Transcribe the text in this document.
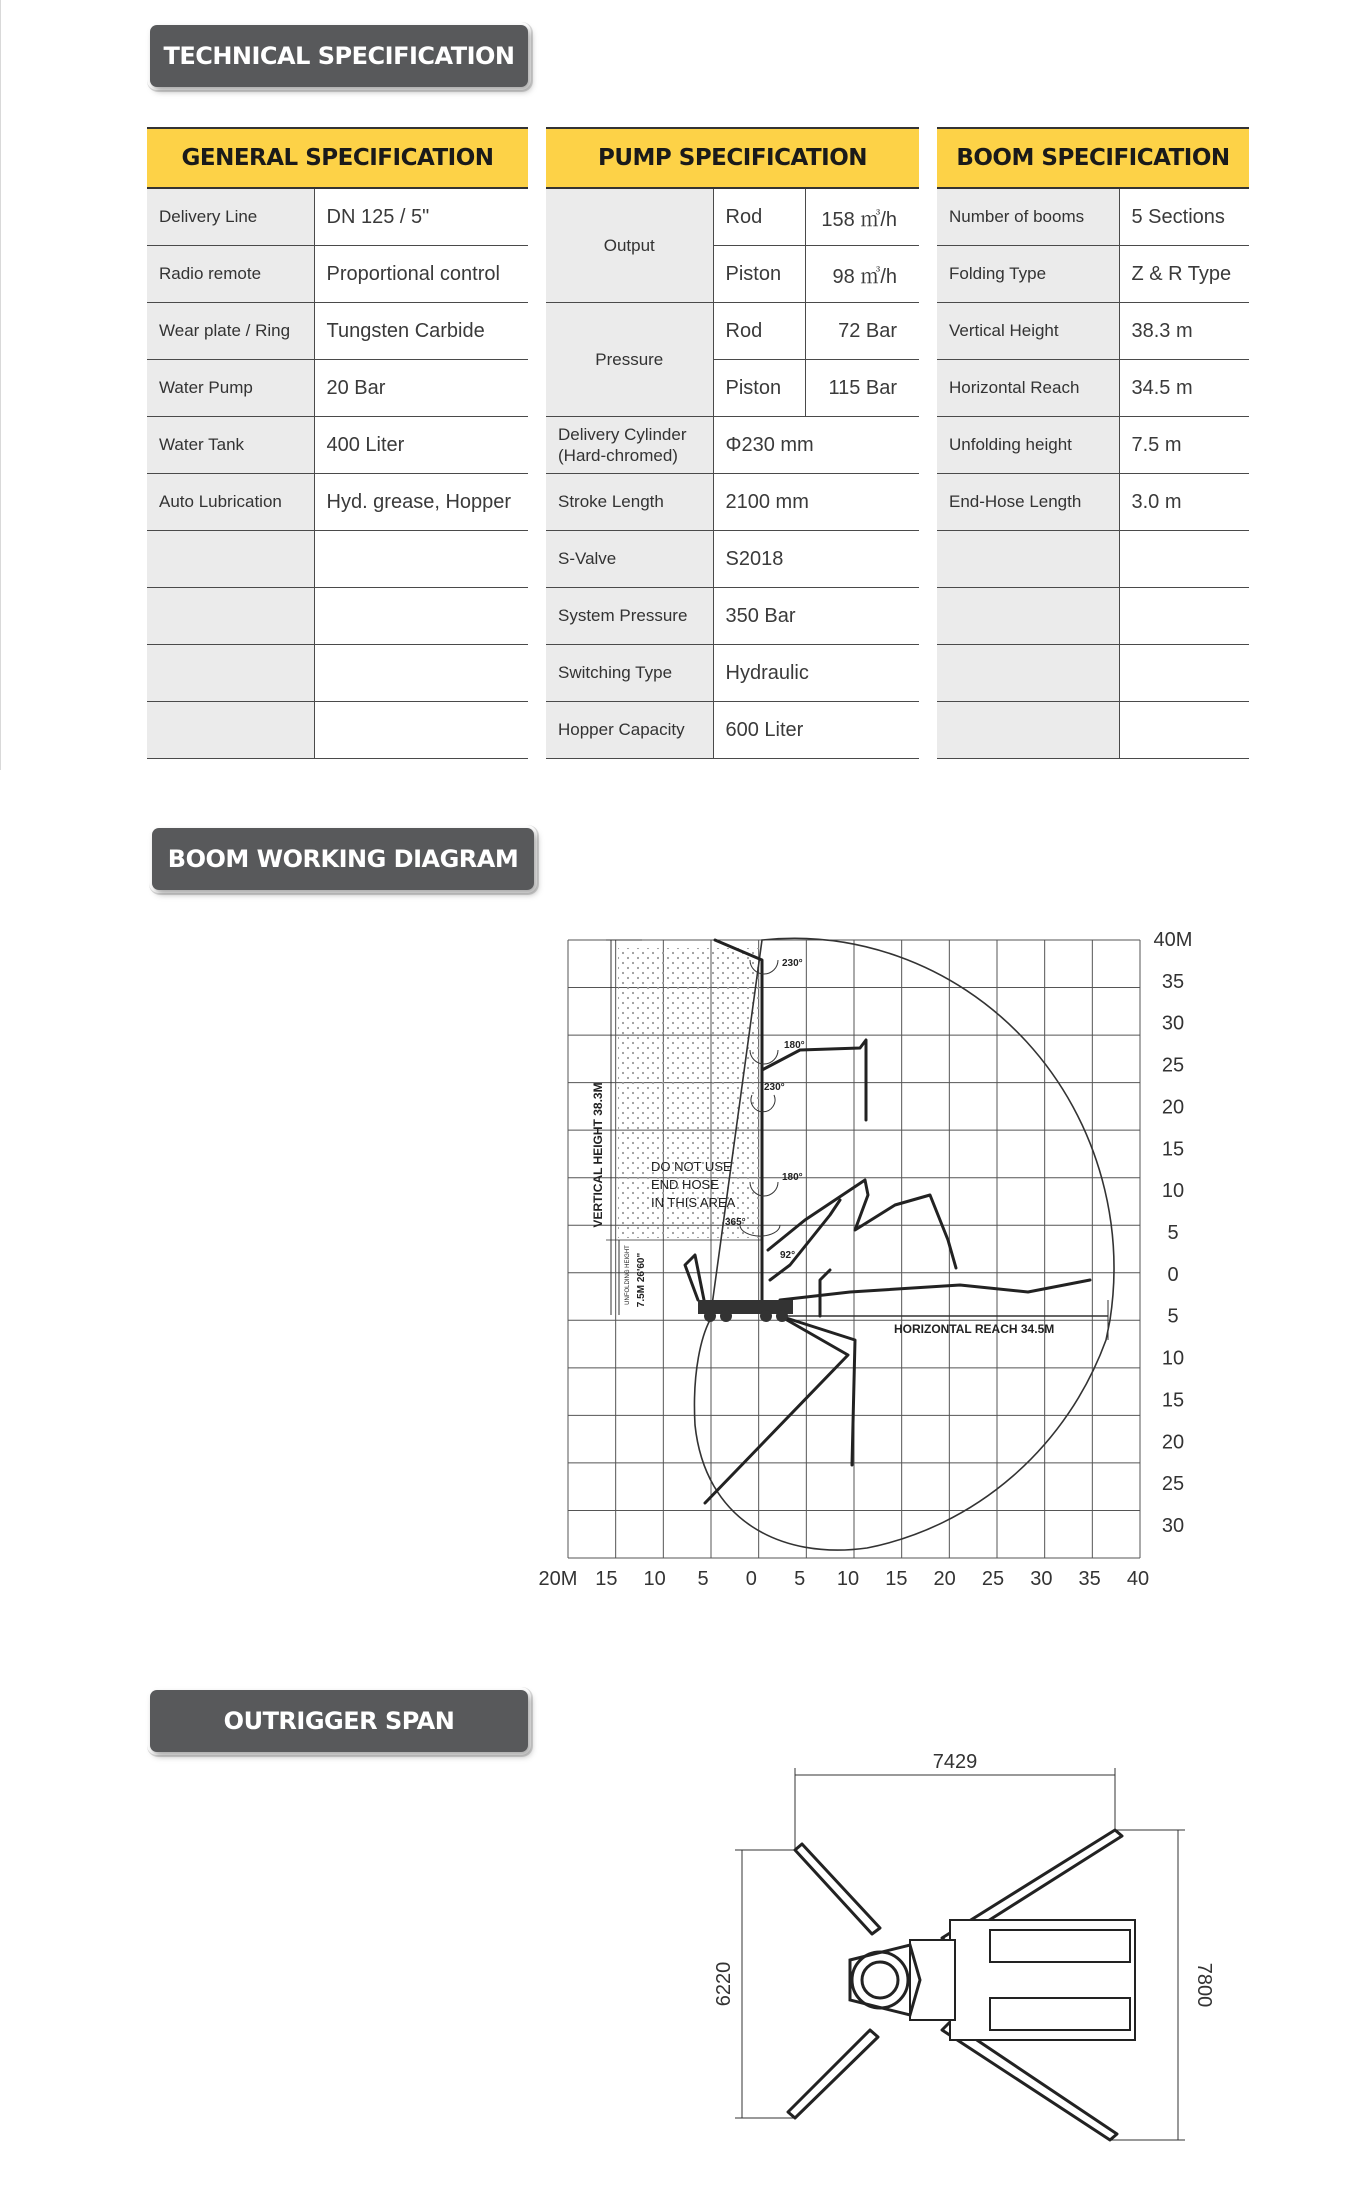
TECHNICAL SPECIFICATION
GENERAL SPECIFICATION	
Delivery Line	DN 125 / 5"
Radio remote	Proportional control
Wear plate / Ring	Tungsten Carbide
Water Pump	20 Bar
Water Tank	400 Liter
Auto Lubrication	Hyd. grease, Hopper

PUMP SPECIFICATION		
Output	Rod	158 ㎥/h
	Piston	98 ㎥/h
Pressure	Rod	72 Bar
	Piston	115 Bar
Delivery Cylinder
(Hard-chromed)	Φ230 mm	
Stroke Length	2100 mm	
S-Valve	S2018	
System Pressure	350 Bar	
Switching Type	Hydraulic	
Hopper Capacity	600 Liter	
BOOM SPECIFICATION	
Number of booms	5 Sections
Folding Type	Z & R Type
Vertical Height	38.3 m
Horizontal Reach	34.5 m
Unfolding height	7.5 m
End-Hose Length	3.0 m

BOOM WORKING DIAGRAM
230°
180°
230°
180°
365°
92°
VERTICAL HEIGHT 38.3M
UNFOLDING HEIGHT 7.5M 26'60"
DO NOT USE
END HOSE
IN THIS AREA
HORIZONTAL REACH 34.5M
40M
35
30
25
20
15
10
5
0
5
10
15
20
25
30
20M 15 10 5 0 5 10 15 20 25 30 35 40
OUTRIGGER SPAN
7429
6220	7800
